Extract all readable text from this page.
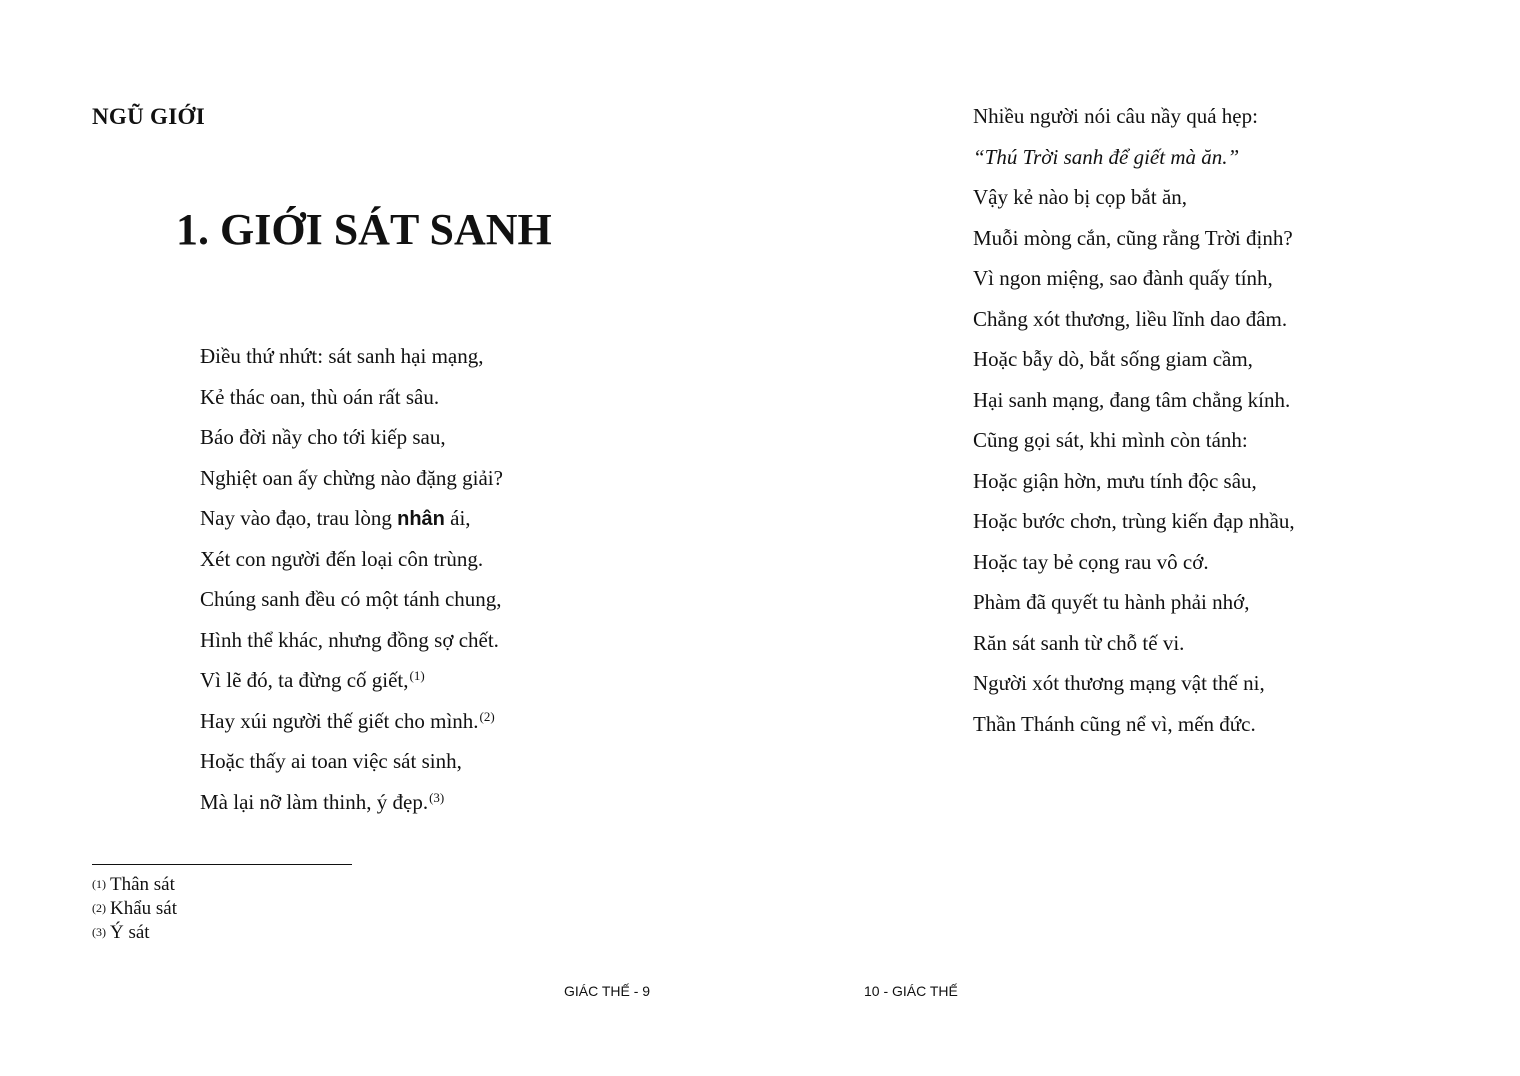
NGŨ GIỚI
1. GIỚI SÁT SANH
Điều thứ nhứt: sát sanh hại mạng,
Kẻ thác oan, thù oán rất sâu.
Báo đời nầy cho tới kiếp sau,
Nghiệt oan ấy chừng nào đặng giải?
Nay vào đạo, trau lòng nhân ái,
Xét con người đến loại côn trùng.
Chúng sanh đều có một tánh chung,
Hình thể khác, nhưng đồng sợ chết.
Vì lẽ đó, ta đừng cố giết,$^{(1)}$
Hay xúi người thế giết cho mình.$^{(2)}$
Hoặc thấy ai toan việc sát sinh,
Mà lại nỡ làm thinh, ý đẹp.$^{(3)}$
$^{(1)}$ Thân sát
$^{(2)}$ Khẩu sát
$^{(3)}$ Ý sát
GIÁC THẾ - 9
Nhiều người nói câu nầy quá hẹp:
“Thú Trời sanh để giết mà ăn.”
Vậy kẻ nào bị cọp bắt ăn,
Muỗi mòng cắn, cũng rằng Trời định?
Vì ngon miệng, sao đành quấy tính,
Chẳng xót thương, liều lĩnh dao đâm.
Hoặc bẫy dò, bắt sống giam cầm,
Hại sanh mạng, đang tâm chẳng kính.
Cũng gọi sát, khi mình còn tánh:
Hoặc giận hờn, mưu tính độc sâu,
Hoặc bước chơn, trùng kiến đạp nhầu,
Hoặc tay bẻ cọng rau vô cớ.
Phàm đã quyết tu hành phải nhớ,
Răn sát sanh từ chỗ tế vi.
Người xót thương mạng vật thế ni,
Thần Thánh cũng nể vì, mến đức.
10 - GIÁC THẾ
